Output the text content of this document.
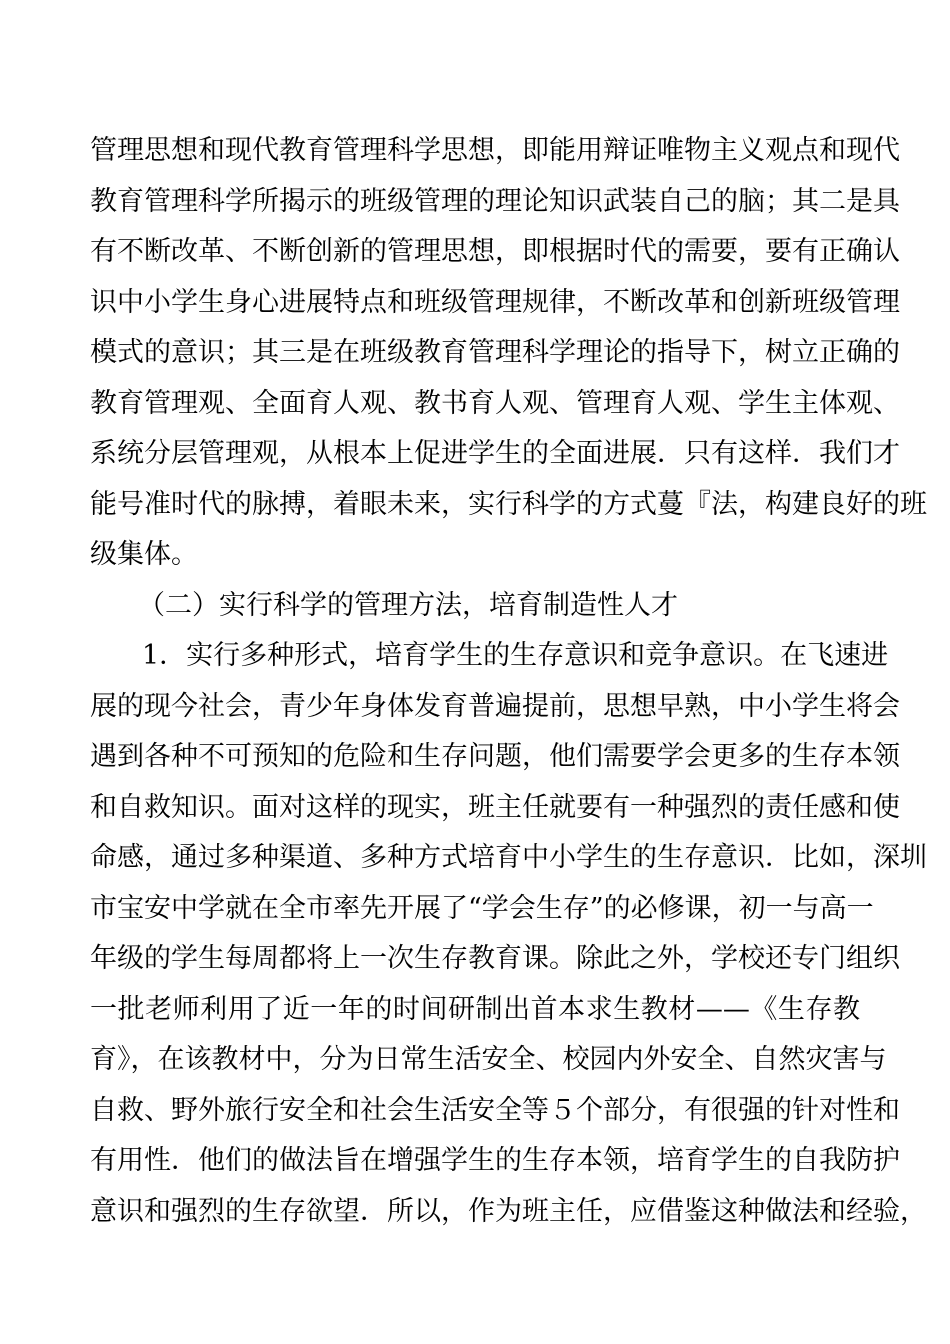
管理思想和现代教育管理科学思想，即能用辩证唯物主义观点和现代
教育管理科学所揭示的班级管理的理论知识武装自己的脑；其二是具
有不断改革、不断创新的管理思想，即根据时代的需要，要有正确认
识中小学生身心进展特点和班级管理规律，不断改革和创新班级管理
模式的意识；其三是在班级教育管理科学理论的指导下，树立正确的
教育管理观、全面育人观、教书育人观、管理育人观、学生主体观、
系统分层管理观，从根本上促进学生的全面进展．只有这样．我们才
能号准时代的脉搏，着眼未来，实行科学的方式蔓『法，构建良好的班
级集体。
（二）实行科学的管理方法，培育制造性人才
1．实行多种形式，培育学生的生存意识和竞争意识。在飞速进
展的现今社会，青少年身体发育普遍提前，思想早熟，中小学生将会
遇到各种不可预知的危险和生存问题，他们需要学会更多的生存本领
和自救知识。面对这样的现实，班主任就要有一种强烈的责任感和使
命感，通过多种渠道、多种方式培育中小学生的生存意识．比如，深圳
市宝安中学就在全市率先开展了“学会生存”的必修课，初一与高一
年级的学生每周都将上一次生存教育课。除此之外，学校还专门组织
一批老师利用了近一年的时间研制出首本求生教材——《生存教
育》，在该教材中，分为日常生活安全、校园内外安全、自然灾害与
自救、野外旅行安全和社会生活安全等５个部分，有很强的针对性和
有用性．他们的做法旨在增强学生的生存本领，培育学生的自我防护
意识和强烈的生存欲望．所以，作为班主任，应借鉴这种做法和经验，
